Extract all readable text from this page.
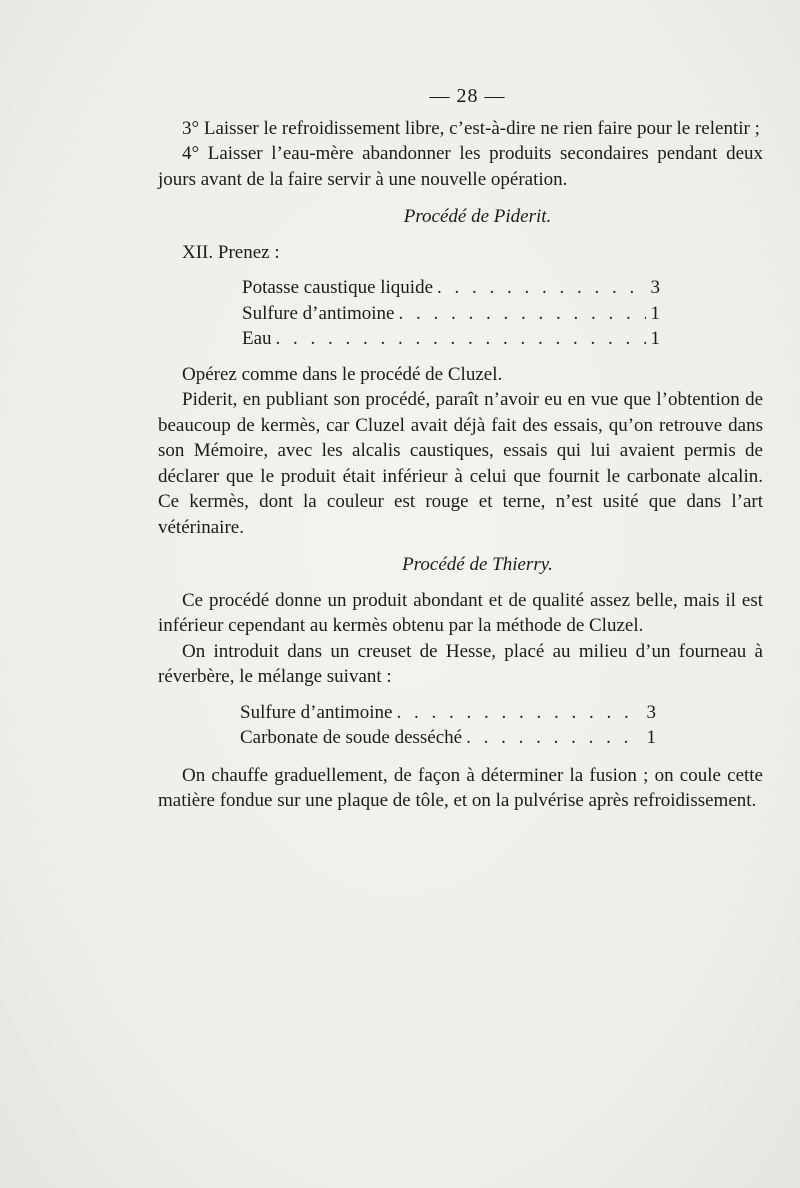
— 28 —

3° Laisser le refroidissement libre, c’est-à-dire ne rien faire pour le relentir ;

4° Laisser l’eau-mère abandonner les produits secondaires pendant deux jours avant de la faire servir à une nouvelle opération.

Procédé de Piderit.

XII. Prenez :

Potasse caustique liquide . . .	3
Sulfure d’antimoine . . .	1
Eau . . .	1

Opérez comme dans le procédé de Cluzel.

Piderit, en publiant son procédé, paraît n’avoir eu en vue que l’obtention de beaucoup de kermès, car Cluzel avait déjà fait des essais, qu’on retrouve dans son Mémoire, avec les alcalis caustiques, essais qui lui avaient permis de déclarer que le produit était inférieur à celui que fournit le carbonate alcalin. Ce kermès, dont la couleur est rouge et terne, n’est usité que dans l’art vétérinaire.

Procédé de Thierry.

Ce procédé donne un produit abondant et de qualité assez belle, mais il est inférieur cependant au kermès obtenu par la méthode de Cluzel.

On introduit dans un creuset de Hesse, placé au milieu d’un fourneau à réverbère, le mélange suivant :

Sulfure d’antimoine . . .	3
Carbonate de soude desséché . . .	1

On chauffe graduellement, de façon à déterminer la fusion ; on coule cette matière fondue sur une plaque de tôle, et on la pulvérise après refroidissement.
